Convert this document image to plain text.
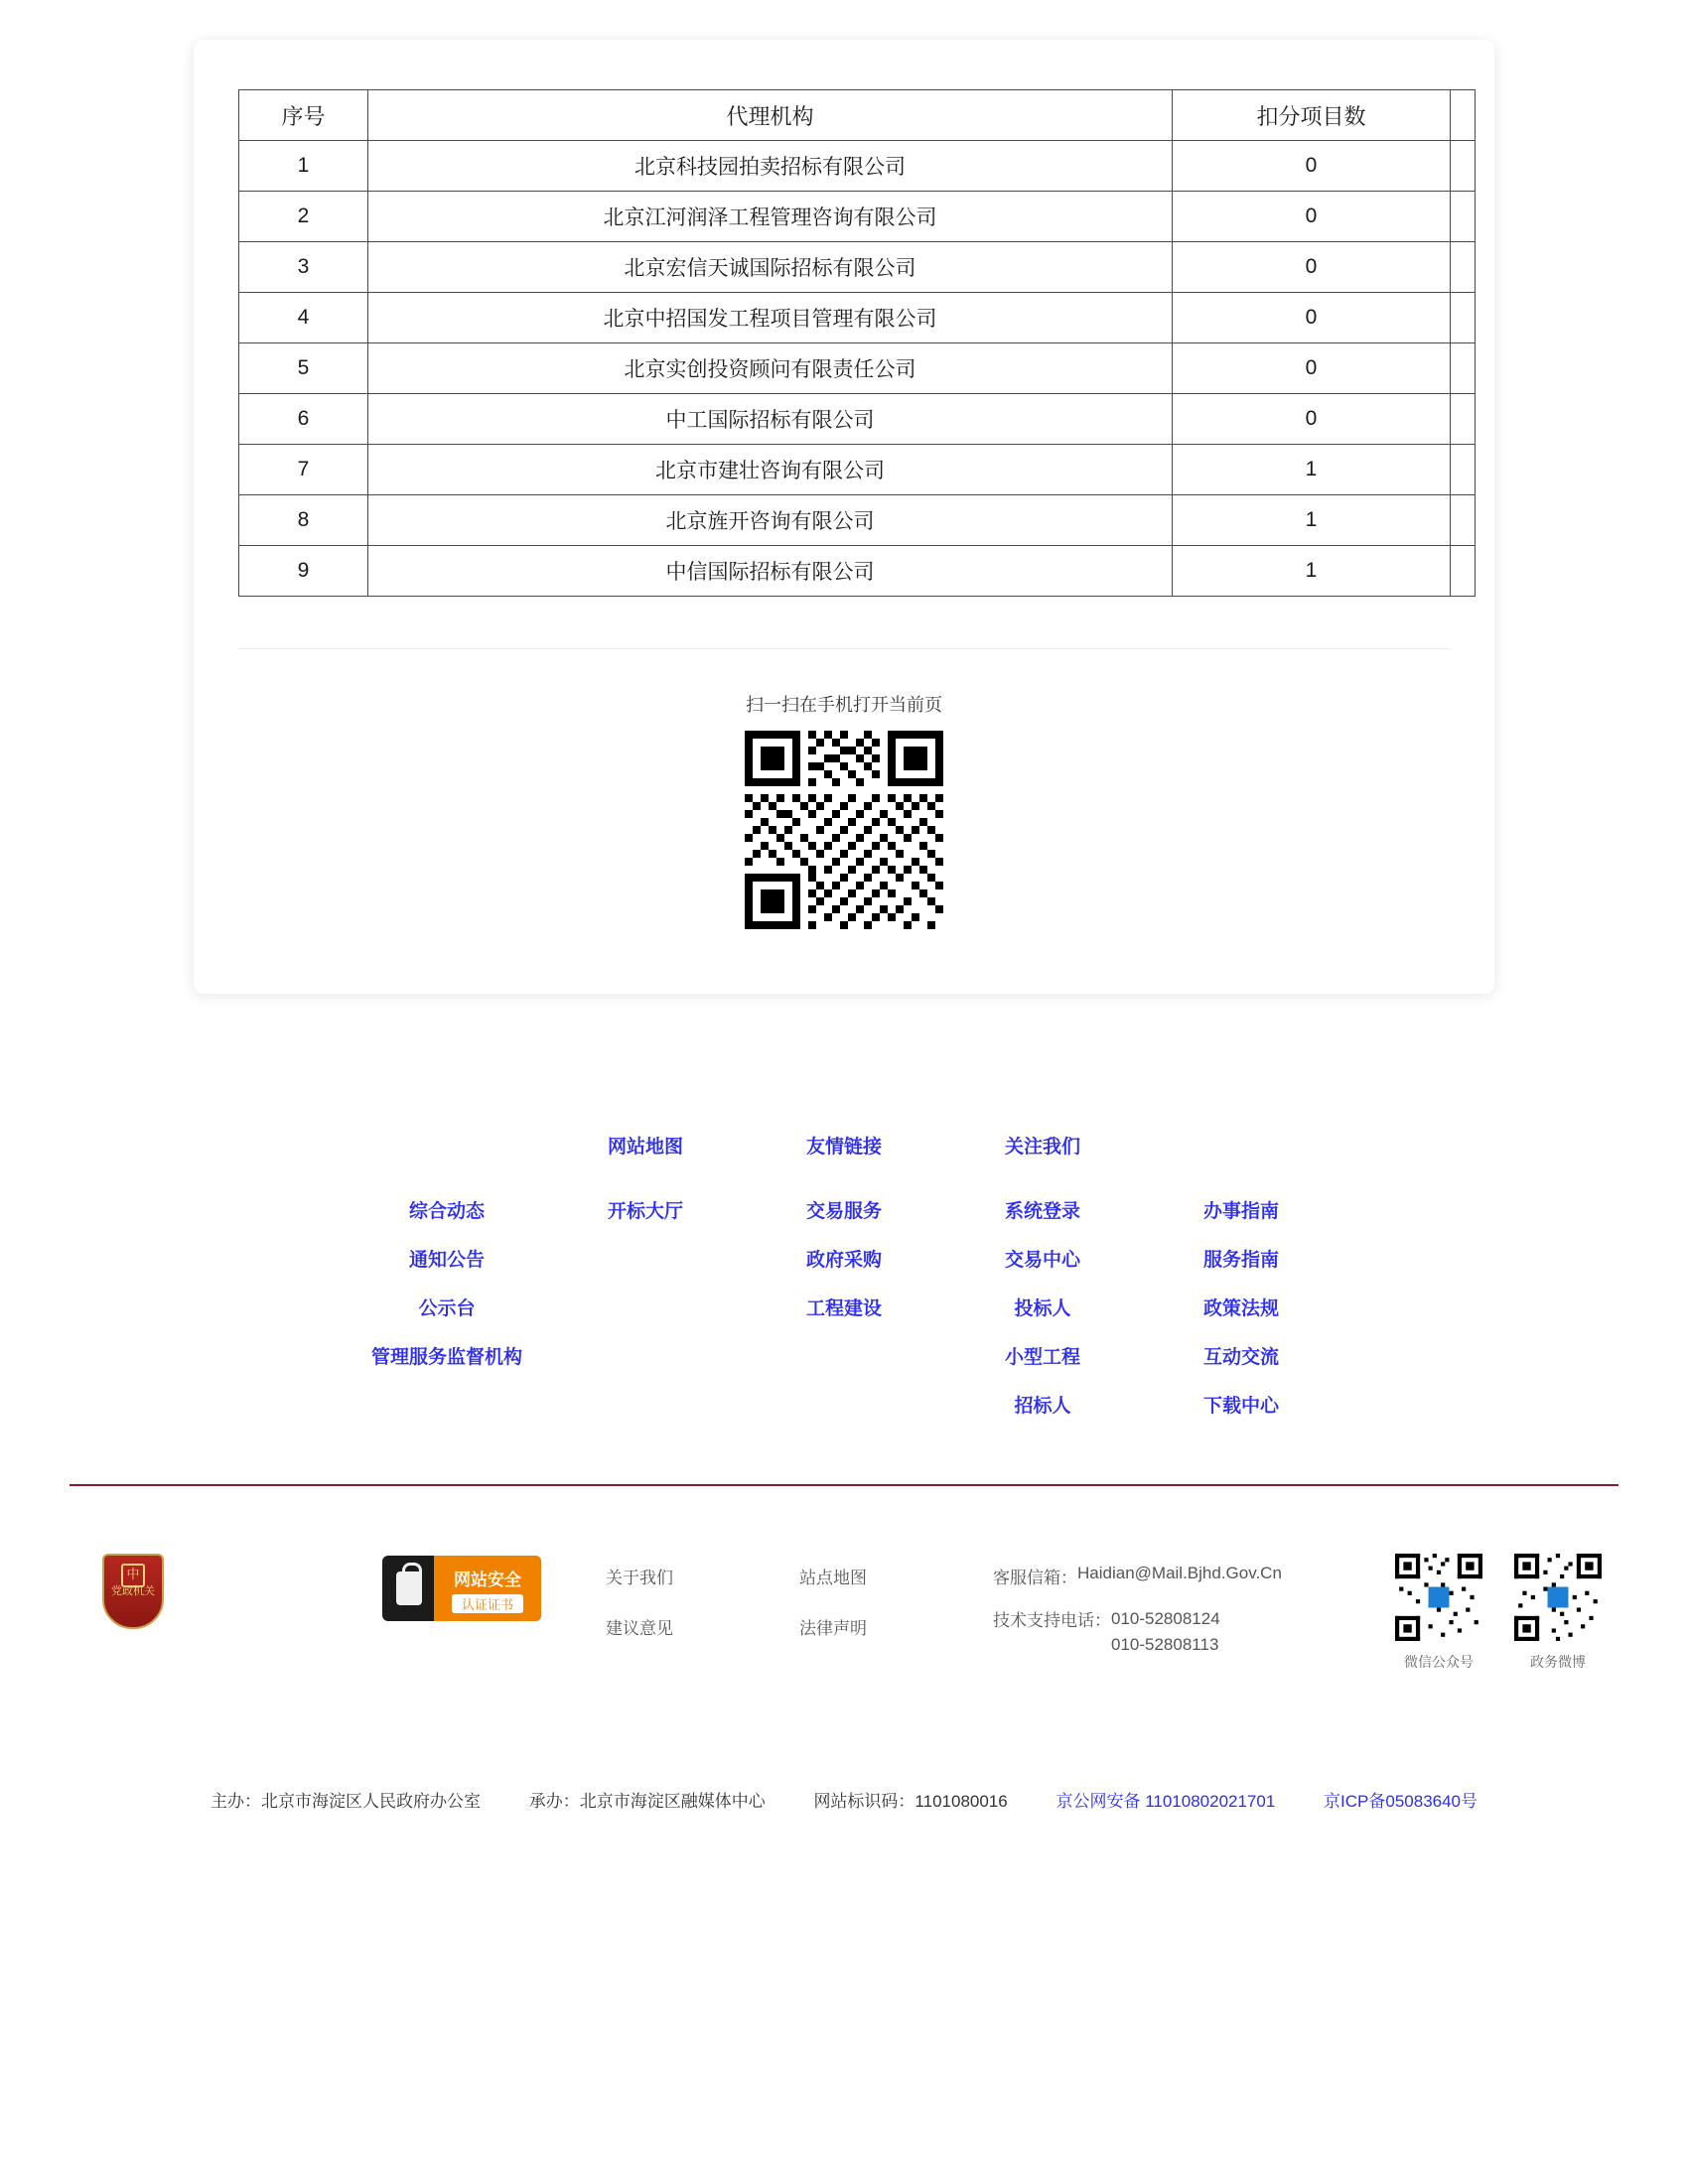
序号	代理机构	扣分项目数	
1	北京科技园拍卖招标有限公司	0	
2	北京江河润泽工程管理咨询有限公司	0	
3	北京宏信天诚国际招标有限公司	0	
4	北京中招国发工程项目管理有限公司	0	
5	北京实创投资顾问有限责任公司	0	
6	中工国际招标有限公司	0	
7	北京市建壮咨询有限公司	1	
8	北京旌开咨询有限公司	1	
9	中信国际招标有限公司	1	
扫一扫在手机打开当前页
网站地图	友情链接	关注我们
综合动态	开标大厅	交易服务	系统登录	办事指南
通知公告	政府采购	交易中心	服务指南
公示台	工程建设	投标人	政策法规
管理服务监督机构	小型工程	互动交流
招标人	下载中心
中
党政机关
网站安全
认证证书
关于我们
建议意见
站点地图
法律声明
客服信箱： Haidian@Mail.Bjhd.Gov.Cn
技术支持电话： 010-52808124
010-52808113
微信公众号	政务微博
主办：北京市海淀区人民政府办公室	承办：北京市海淀区融媒体中心	网站标识码：1101080016	京公网安备 11010802021701	京ICP备05083640号
